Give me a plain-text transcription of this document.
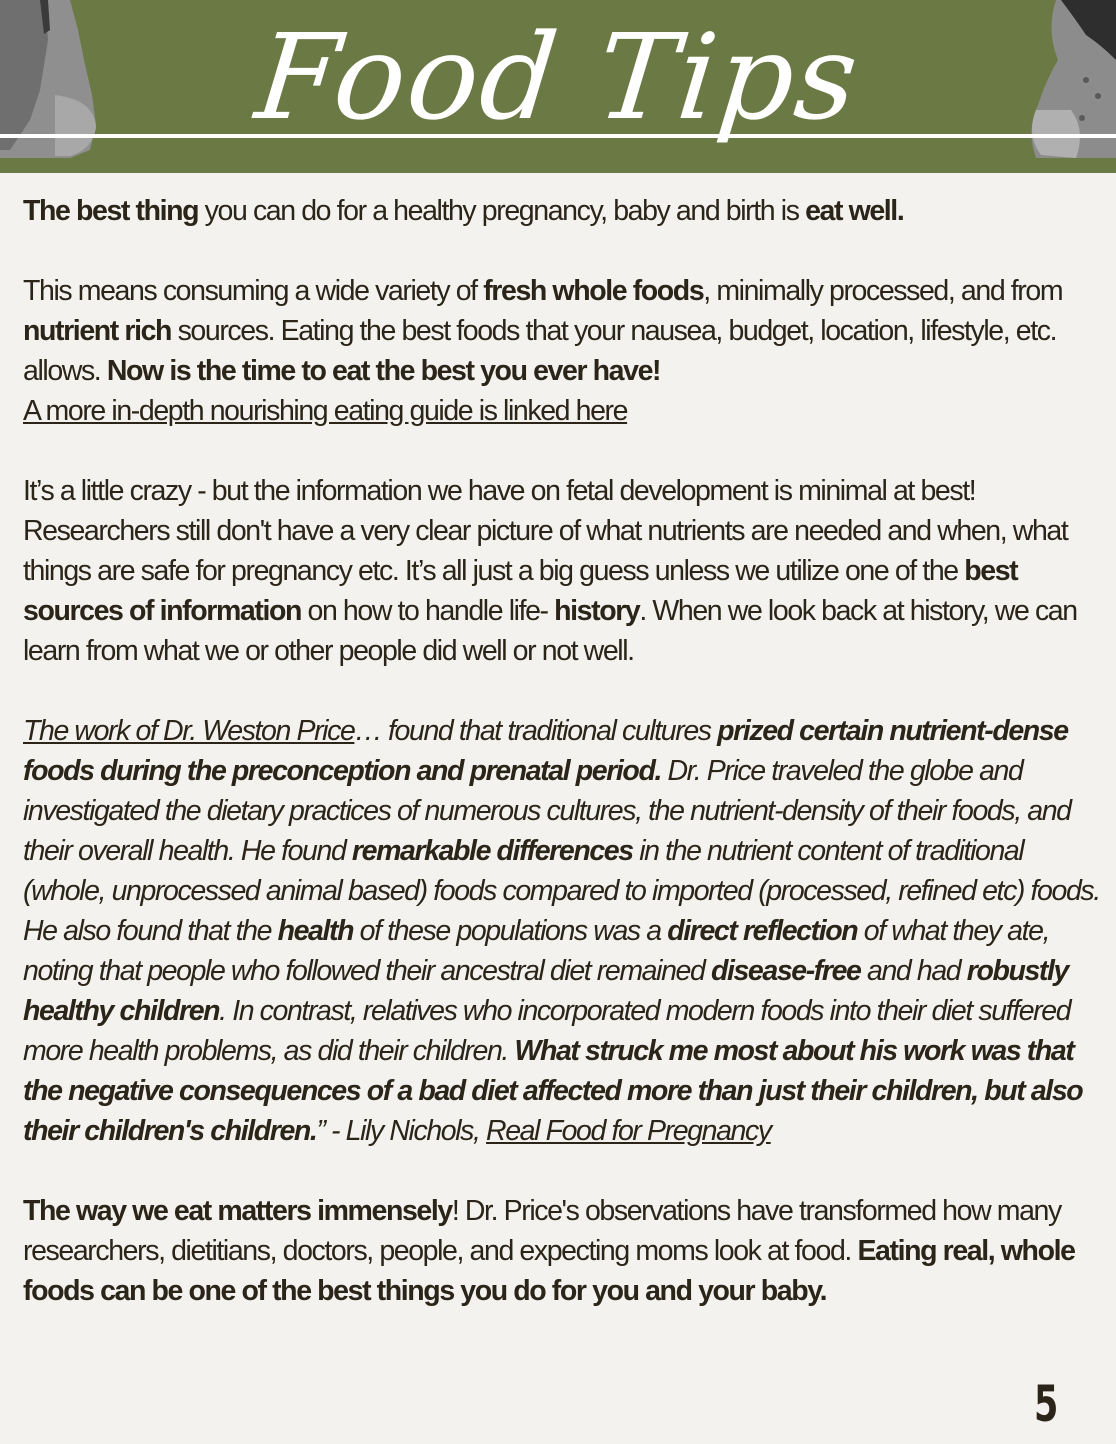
Food Tips

The best thing you can do for a healthy pregnancy, baby and birth is eat well.

This means consuming a wide variety of fresh whole foods, minimally processed, and from nutrient rich sources. Eating the best foods that your nausea, budget, location, lifestyle, etc. allows. Now is the time to eat the best you ever have!
A more in-depth nourishing eating guide is linked here

It’s a little crazy - but the information we have on fetal development is minimal at best! Researchers still don't have a very clear picture of what nutrients are needed and when, what things are safe for pregnancy etc. It’s all just a big guess unless we utilize one of the best sources of information on how to handle life- history. When we look back at history, we can learn from what we or other people did well or not well.

The work of Dr. Weston Price… found that traditional cultures prized certain nutrient-dense foods during the preconception and prenatal period. Dr. Price traveled the globe and investigated the dietary practices of numerous cultures, the nutrient-density of their foods, and their overall health. He found remarkable differences in the nutrient content of traditional (whole, unprocessed animal based) foods compared to imported (processed, refined etc) foods.

He also found that the health of these populations was a direct reflection of what they ate, noting that people who followed their ancestral diet remained disease-free and had robustly healthy children. In contrast, relatives who incorporated modern foods into their diet suffered more health problems, as did their children. What struck me most about his work was that the negative consequences of a bad diet affected more than just their children, but also their children's children.” - Lily Nichols, Real Food for Pregnancy

The way we eat matters immensely! Dr. Price's observations have transformed how many researchers, dietitians, doctors, people, and expecting moms look at food. Eating real, whole foods can be one of the best things you do for you and your baby.

5
